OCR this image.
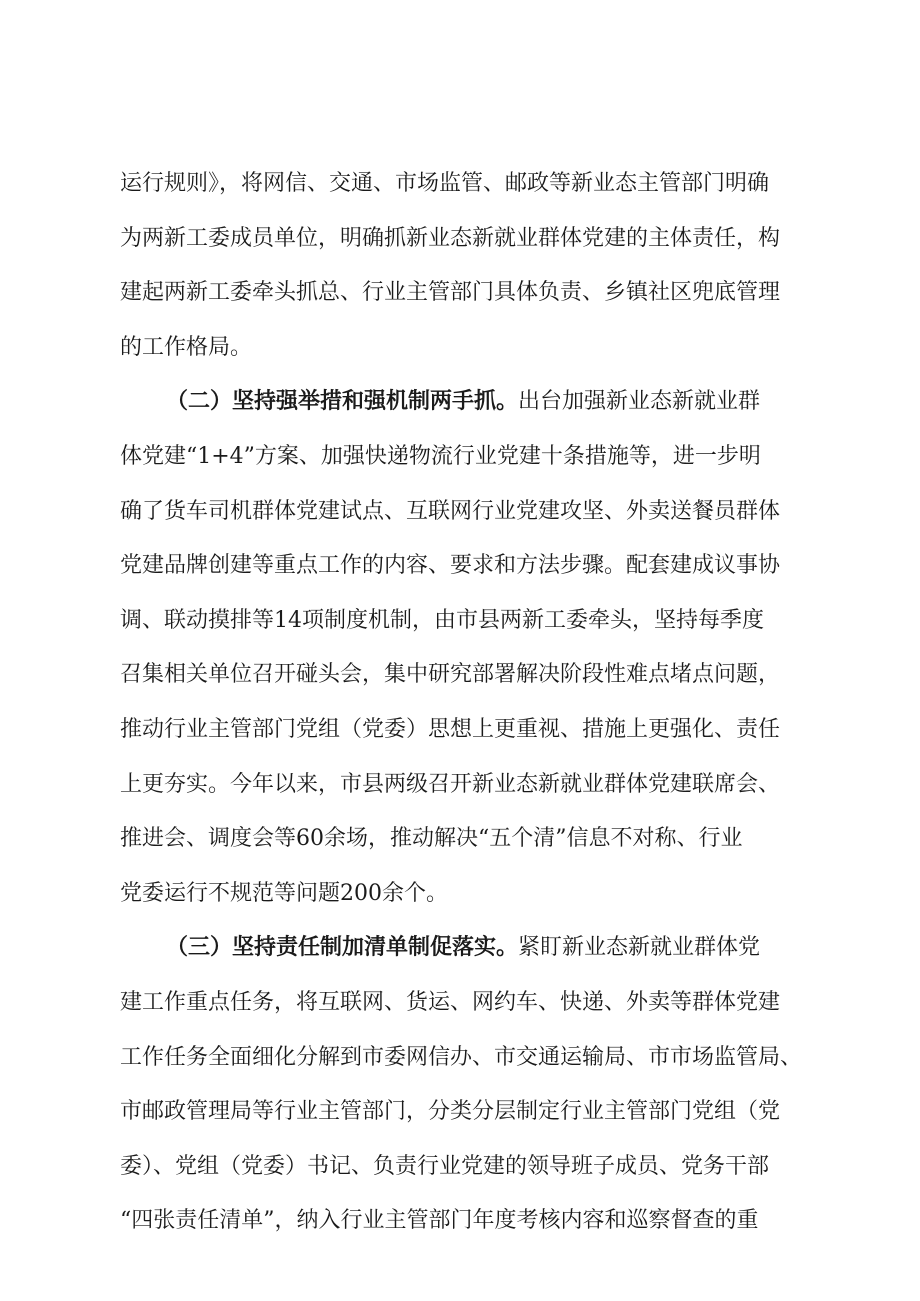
运行规则》，将网信、交通、市场监管、邮政等新业态主管部门明确
为两新工委成员单位，明确抓新业态新就业群体党建的主体责任，构
建起两新工委牵头抓总、行业主管部门具体负责、乡镇社区兜底管理
的工作格局。
（二）坚持强举措和强机制两手抓。出台加强新业态新就业群
体党建“1+4”方案、加强快递物流行业党建十条措施等，进一步明
确了货车司机群体党建试点、互联网行业党建攻坚、外卖送餐员群体
党建品牌创建等重点工作的内容、要求和方法步骤。配套建成议事协
调、联动摸排等14项制度机制，由市县两新工委牵头，坚持每季度
召集相关单位召开碰头会，集中研究部署解决阶段性难点堵点问题，
推动行业主管部门党组（党委）思想上更重视、措施上更强化、责任
上更夯实。今年以来，市县两级召开新业态新就业群体党建联席会、
推进会、调度会等60余场，推动解决“五个清”信息不对称、行业
党委运行不规范等问题200余个。
（三）坚持责任制加清单制促落实。紧盯新业态新就业群体党
建工作重点任务，将互联网、货运、网约车、快递、外卖等群体党建
工作任务全面细化分解到市委网信办、市交通运输局、市市场监管局、
市邮政管理局等行业主管部门，分类分层制定行业主管部门党组（党
委）、党组（党委）书记、负责行业党建的领导班子成员、党务干部
“四张责任清单”，纳入行业主管部门年度考核内容和巡察督查的重
